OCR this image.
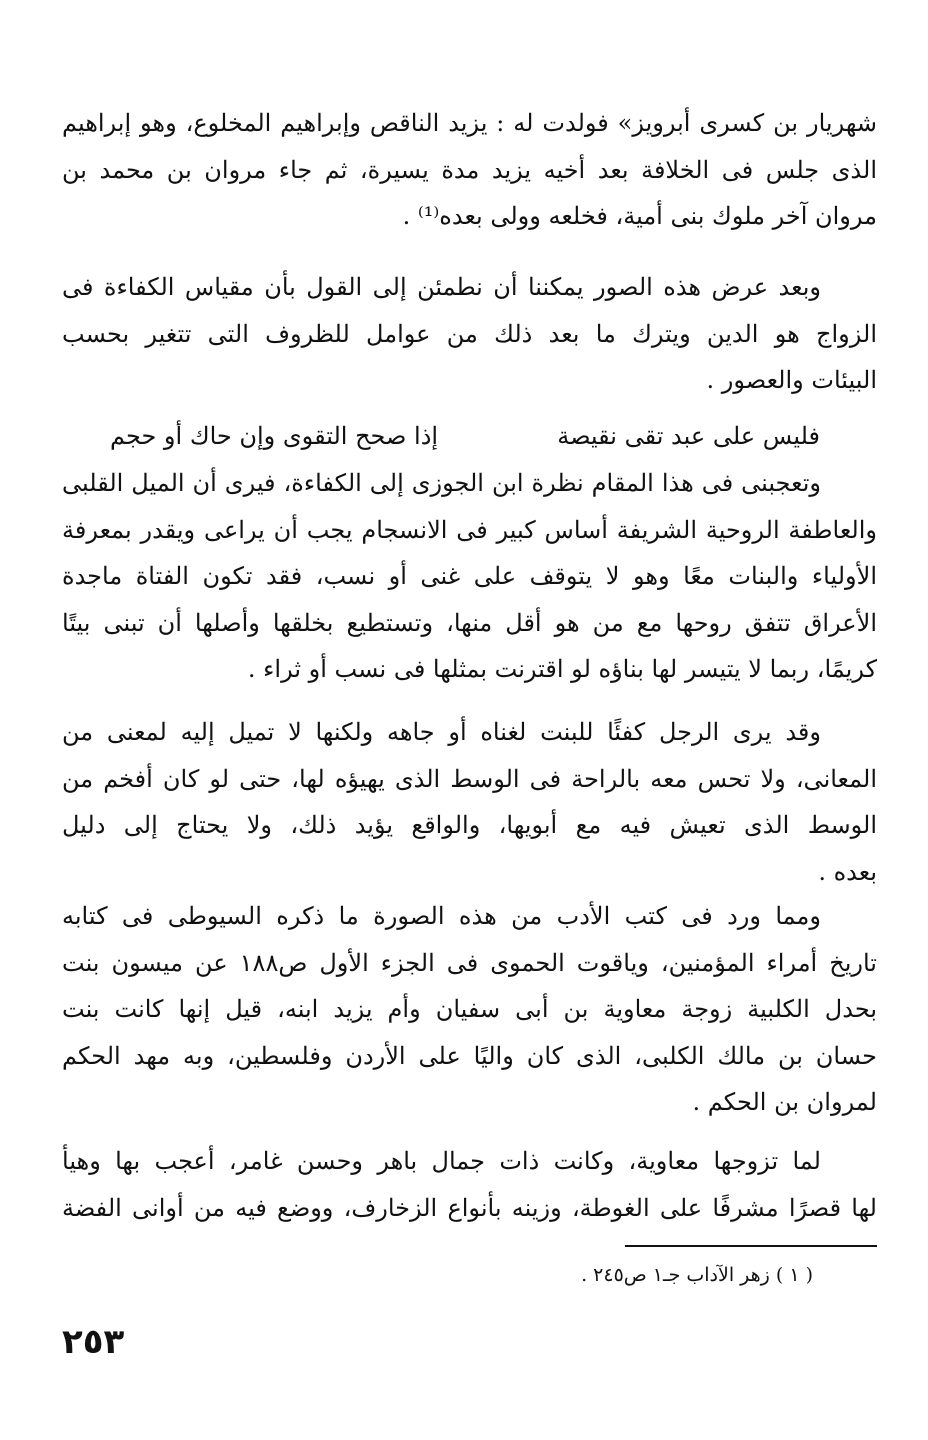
شهريار بن كسرى أبرويز» فولدت له : يزيد الناقص وإبراهيم المخلوع، وهو إبراهيم
الذى جلس فى الخلافة بعد أخيه يزيد مدة يسيرة، ثم جاء مروان بن محمد بن
مروان آخر ملوك بنى أمية، فخلعه وولى بعده⁽¹⁾ .
وبعد عرض هذه الصور يمكننا أن نطمئن إلى القول بأن مقياس الكفاءة فى
الزواج هو الدين ويترك ما بعد ذلك من عوامل للظروف التى تتغير بحسب
البيئات والعصور .
فليس على عبد تقى نقيصة
إذا صحح التقوى وإن حاك أو حجم
وتعجبنى فى هذا المقام نظرة ابن الجوزى إلى الكفاءة، فيرى أن الميل القلبى
والعاطفة الروحية الشريفة أساس كبير فى الانسجام يجب أن يراعى ويقدر بمعرفة
الأولياء والبنات معًا وهو لا يتوقف على غنى أو نسب، فقد تكون الفتاة ماجدة
الأعراق تتفق روحها مع من هو أقل منها، وتستطيع بخلقها وأصلها أن تبنى بيتًا
كريمًا، ربما لا يتيسر لها بناؤه لو اقترنت بمثلها فى نسب أو ثراء .
وقد يرى الرجل كفئًا للبنت لغناه أو جاهه ولكنها لا تميل إليه لمعنى من
المعانى، ولا تحس معه بالراحة فى الوسط الذى يهيؤه لها، حتى لو كان أفخم من
الوسط الذى تعيش فيه مع أبويها، والواقع يؤيد ذلك، ولا يحتاج إلى دليل
بعده .
ومما ورد فى كتب الأدب من هذه الصورة ما ذكره السيوطى فى كتابه
تاريخ أمراء المؤمنين، وياقوت الحموى فى الجزء الأول ص١٨٨ عن ميسون بنت
بحدل الكلبية زوجة معاوية بن أبى سفيان وأم يزيد ابنه، قيل إنها كانت بنت
حسان بن مالك الكلبى، الذى كان واليًا على الأردن وفلسطين، وبه مهد الحكم
لمروان بن الحكم .
لما تزوجها معاوية، وكانت ذات جمال باهر وحسن غامر، أعجب بها وهيأ
لها قصرًا مشرفًا على الغوطة، وزينه بأنواع الزخارف، ووضع فيه من أوانى الفضة
( ١ ) زهر الآداب جـ١ ص٢٤٥ .
٢٥٣
